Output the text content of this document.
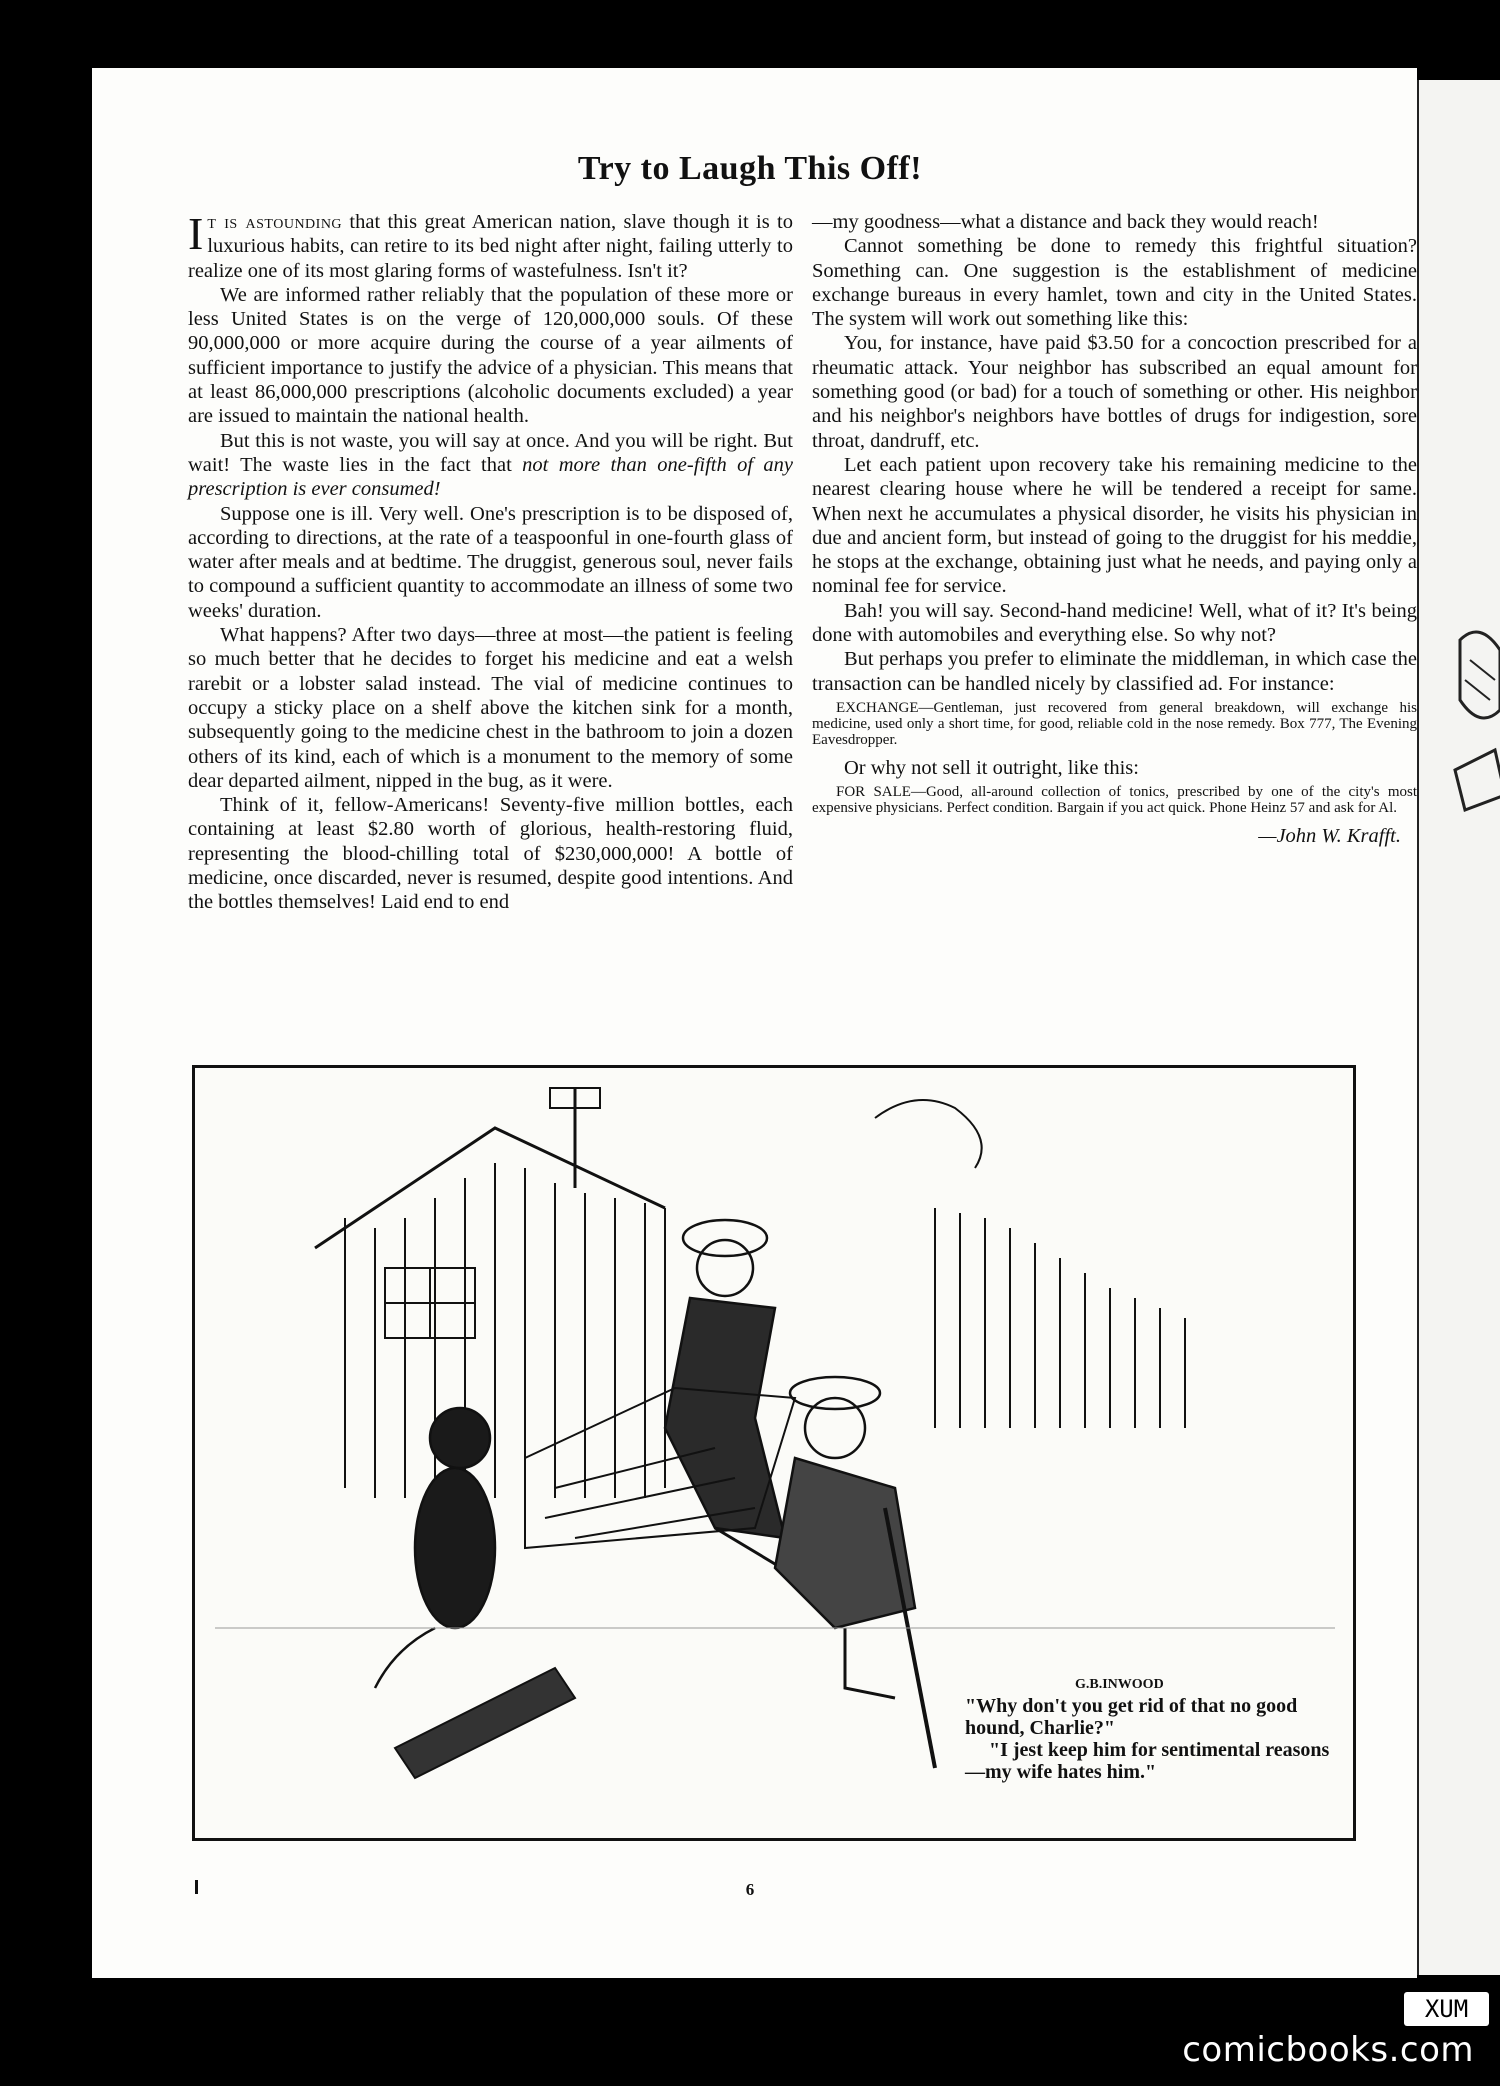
Try to Laugh This Off!

It is astounding that this great American nation, slave though it is to luxurious habits, can retire to its bed night after night, failing utterly to realize one of its most glaring forms of wastefulness. Isn't it?

We are informed rather reliably that the population of these more or less United States is on the verge of 120,000,000 souls. Of these 90,000,000 or more acquire during the course of a year ailments of sufficient importance to justify the advice of a physician. This means that at least 86,000,000 prescriptions (alcoholic documents excluded) a year are issued to maintain the national health.

But this is not waste, you will say at once. And you will be right. But wait! The waste lies in the fact that not more than one-fifth of any prescription is ever consumed!

Suppose one is ill. Very well. One's prescription is to be disposed of, according to directions, at the rate of a teaspoonful in one-fourth glass of water after meals and at bedtime. The druggist, generous soul, never fails to compound a sufficient quantity to accommodate an illness of some two weeks' duration.

What happens? After two days—three at most—the patient is feeling so much better that he decides to forget his medicine and eat a welsh rarebit or a lobster salad instead. The vial of medicine continues to occupy a sticky place on a shelf above the kitchen sink for a month, subsequently going to the medicine chest in the bathroom to join a dozen others of its kind, each of which is a monument to the memory of some dear departed ailment, nipped in the bug, as it were.

Think of it, fellow-Americans! Seventy-five million bottles, each containing at least $2.80 worth of glorious, health-restoring fluid, representing the blood-chilling total of $230,000,000! A bottle of medicine, once discarded, never is resumed, despite good intentions. And the bottles themselves! Laid end to end

—my goodness—what a distance and back they would reach!

Cannot something be done to remedy this frightful situation? Something can. One suggestion is the establishment of medicine exchange bureaus in every hamlet, town and city in the United States. The system will work out something like this:

You, for instance, have paid $3.50 for a concoction prescribed for a rheumatic attack. Your neighbor has subscribed an equal amount for something good (or bad) for a touch of something or other. His neighbor and his neighbor's neighbors have bottles of drugs for indigestion, sore throat, dandruff, etc.

Let each patient upon recovery take his remaining medicine to the nearest clearing house where he will be tendered a receipt for same. When next he accumulates a physical disorder, he visits his physician in due and ancient form, but instead of going to the druggist for his meddie, he stops at the exchange, obtaining just what he needs, and paying only a nominal fee for service.

Bah! you will say. Second-hand medicine! Well, what of it? It's being done with automobiles and everything else. So why not?

But perhaps you prefer to eliminate the middleman, in which case the transaction can be handled nicely by classified ad. For instance:

EXCHANGE—Gentleman, just recovered from general breakdown, will exchange his medicine, used only a short time, for good, reliable cold in the nose remedy. Box 777, The Evening Eavesdropper.

Or why not sell it outright, like this:

FOR SALE—Good, all-around collection of tonics, prescribed by one of the city's most expensive physicians. Perfect condition. Bargain if you act quick. Phone Heinz 57 and ask for Al.

—John W. Krafft.
G.B.INWOOD

"Why don't you get rid of that no good hound, Charlie?"

"I jest keep him for sentimental reasons—my wife hates him."

6
XUM
comicbooks.com
